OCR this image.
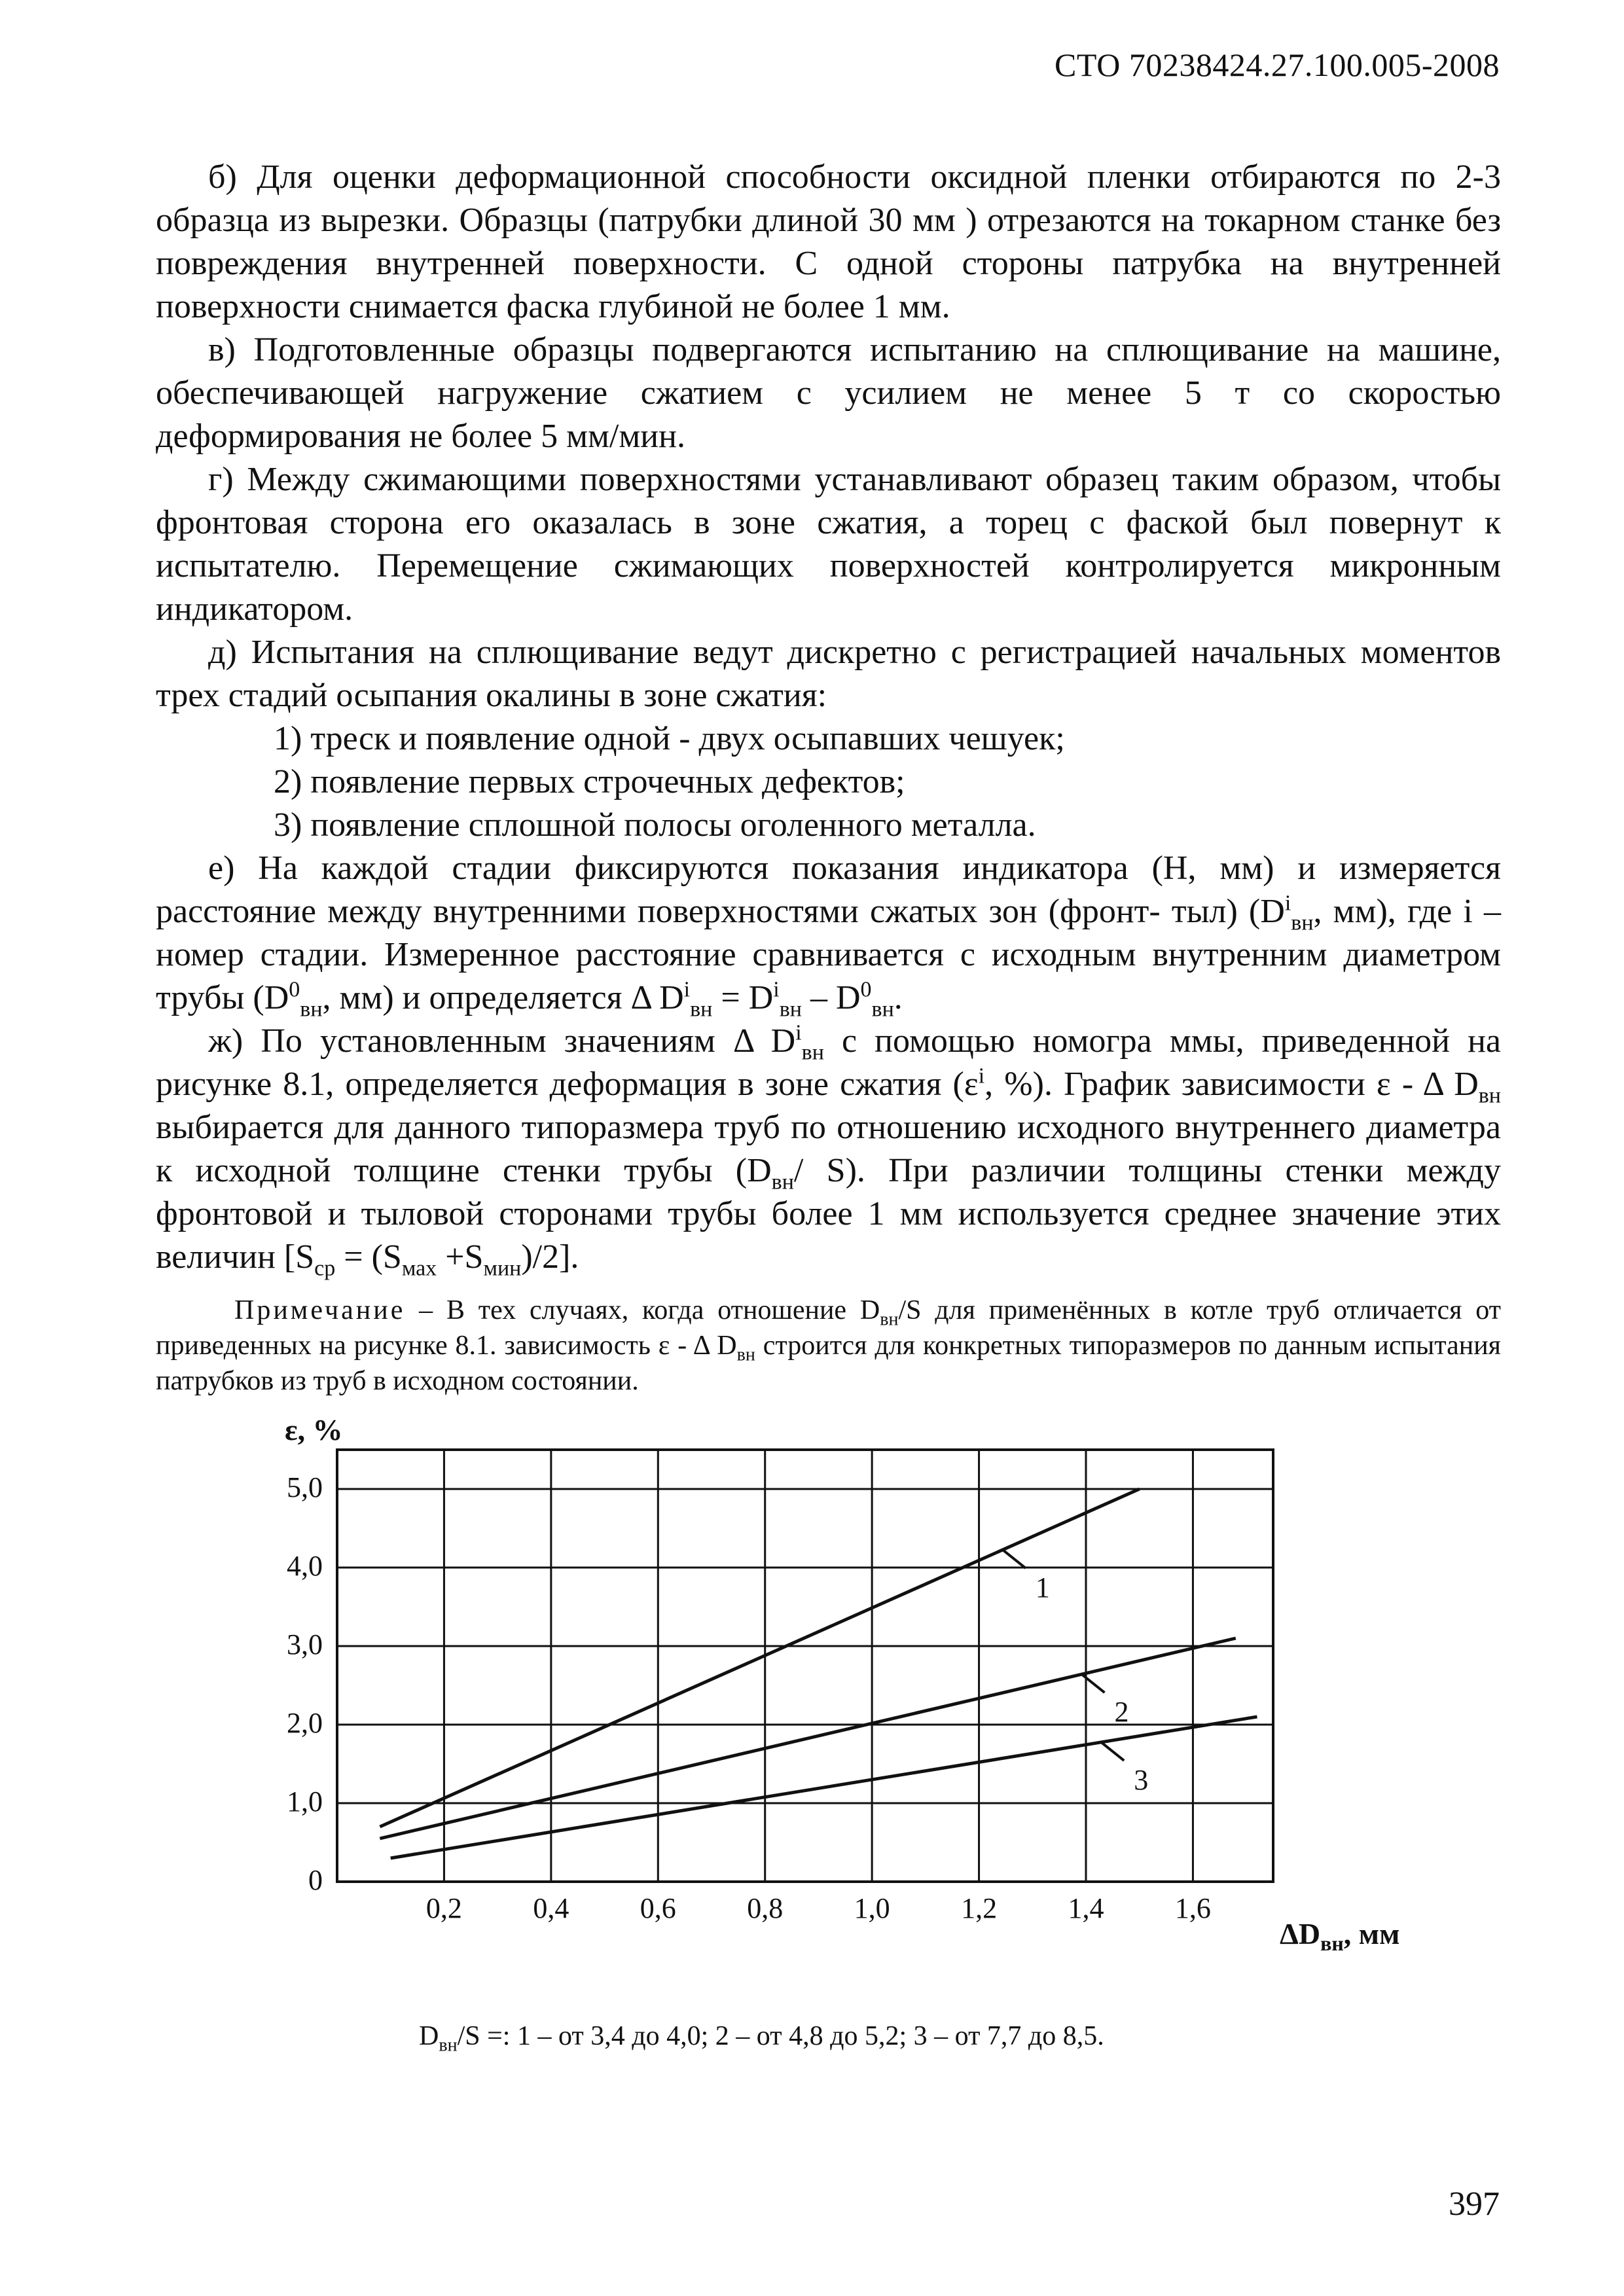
СТО 70238424.27.100.005-2008

б) Для оценки деформационной способности оксидной пленки отбираются по 2-3 образца из вырезки. Образцы (патрубки длиной 30 мм ) отрезаются на токарном станке без повреждения внутренней поверхности. С одной стороны патрубка на внутренней поверхности снимается фаска глубиной не более 1 мм.

в) Подготовленные образцы подвергаются испытанию на сплющивание на машине, обеспечивающей нагружение сжатием с усилием не менее 5 т со скоростью деформирования не более 5 мм/мин.

г) Между сжимающими поверхностями устанавливают образец таким образом, чтобы фронтовая сторона его оказалась в зоне сжатия, а торец с фаской был повернут к испытателю. Перемещение сжимающих поверхностей контролируется микронным индикатором.

д) Испытания на сплющивание ведут дискретно с регистрацией начальных моментов трех стадий осыпания окалины в зоне сжатия:

1) треск и появление одной - двух осыпавших чешуек;

2) появление первых строчечных дефектов;

3) появление сплошной полосы оголенного металла.

е) На каждой стадии фиксируются показания индикатора (Н, мм) и измеряется расстояние между внутренними поверхностями сжатых зон (фронт- тыл) ($D^i_{вн}$, мм), где i – номер стадии. Измеренное расстояние сравнивается с исходным внутренним диаметром трубы ($D^0_{вн}$, мм) и определяется Δ $D^i_{вн} = D^i_{вн} - D^0_{вн}$.

ж) По установленным значениям Δ $D^i_{вн}$ с помощью номогра ммы, приведенной на рисунке 8.1, определяется деформация в зоне сжатия ($\varepsilon^i$, %). График зависимости ε - Δ $D_{вн}$ выбирается для данного типоразмера труб по отношению исходного внутреннего диаметра к исходной толщине стенки трубы ($D_{вн}/$ S). При различии толщины стенки между фронтовой и тыловой сторонами трубы более 1 мм используется среднее значение этих величин $[S_{ср} = (S_{мах} +S_{мин})/2]$.

Примечание – В тех случаях, когда отношение $D_{вн}/S$ для применённых в котле труб отличается от приведенных на рисунке 8.1. зависимость ε - Δ $D_{вн}$ строится для конкретных типоразмеров по данным испытания патрубков из труб в исходном состоянии.
0,2 0,4 0,6 0,8 1,0 1,2 1,4 1,6
0
1,0
2,0
3,0
4,0
5,0
ε, %
$\Delta D_{вн}$, мм
1
2
3
$D_{вн}/S$ =: 1 – от 3,4 до 4,0; 2 – от 4,8 до 5,2; 3 – от 7,7 до 8,5.
397
